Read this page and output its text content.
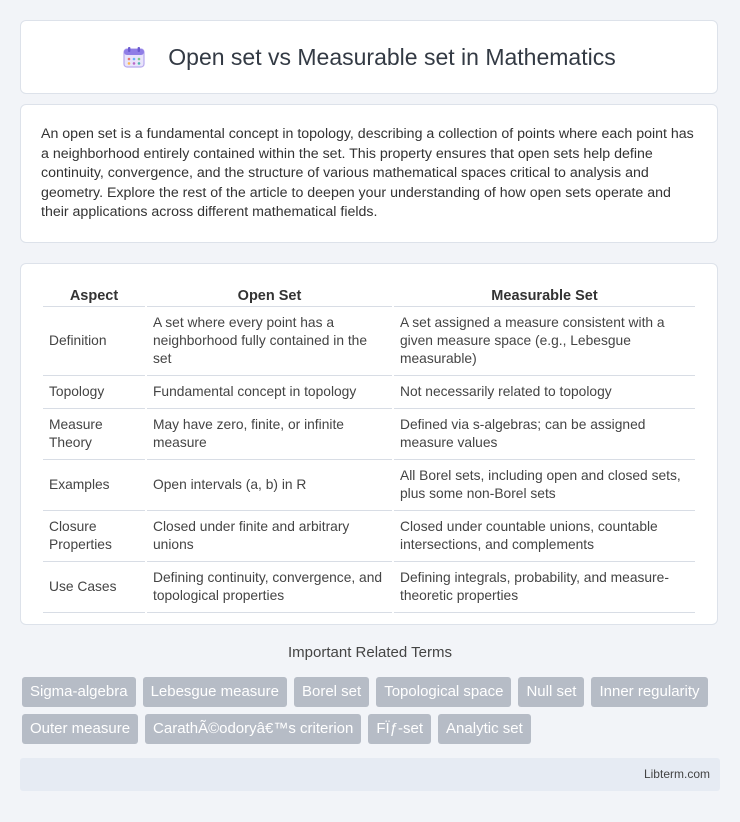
Open set vs Measurable set in Mathematics

An open set is a fundamental concept in topology, describing a collection of points where each point has a neighborhood entirely contained within the set. This property ensures that open sets help define continuity, convergence, and the structure of various mathematical spaces critical to analysis and geometry. Explore the rest of the article to deepen your understanding of how open sets operate and their applications across different mathematical fields.

Aspect	Open Set	Measurable Set
Definition	A set where every point has a neighborhood fully contained in the set	A set assigned a measure consistent with a given measure space (e.g., Lebesgue measurable)
Topology	Fundamental concept in topology	Not necessarily related to topology
Measure Theory	May have zero, finite, or infinite measure	Defined via s-algebras; can be assigned measure values
Examples	Open intervals (a, b) in R	All Borel sets, including open and closed sets, plus some non-Borel sets
Closure Properties	Closed under finite and arbitrary unions	Closed under countable unions, countable intersections, and complements
Use Cases	Defining continuity, convergence, and topological properties	Defining integrals, probability, and measure-theoretic properties
Important Related Terms
Sigma-algebra	Lebesgue measure	Borel set	Topological space	Null set	Inner regularity
Outer measure	CarathÃ©odoryâ€™s criterion	FÏƒ-set	Analytic set
Libterm.com
